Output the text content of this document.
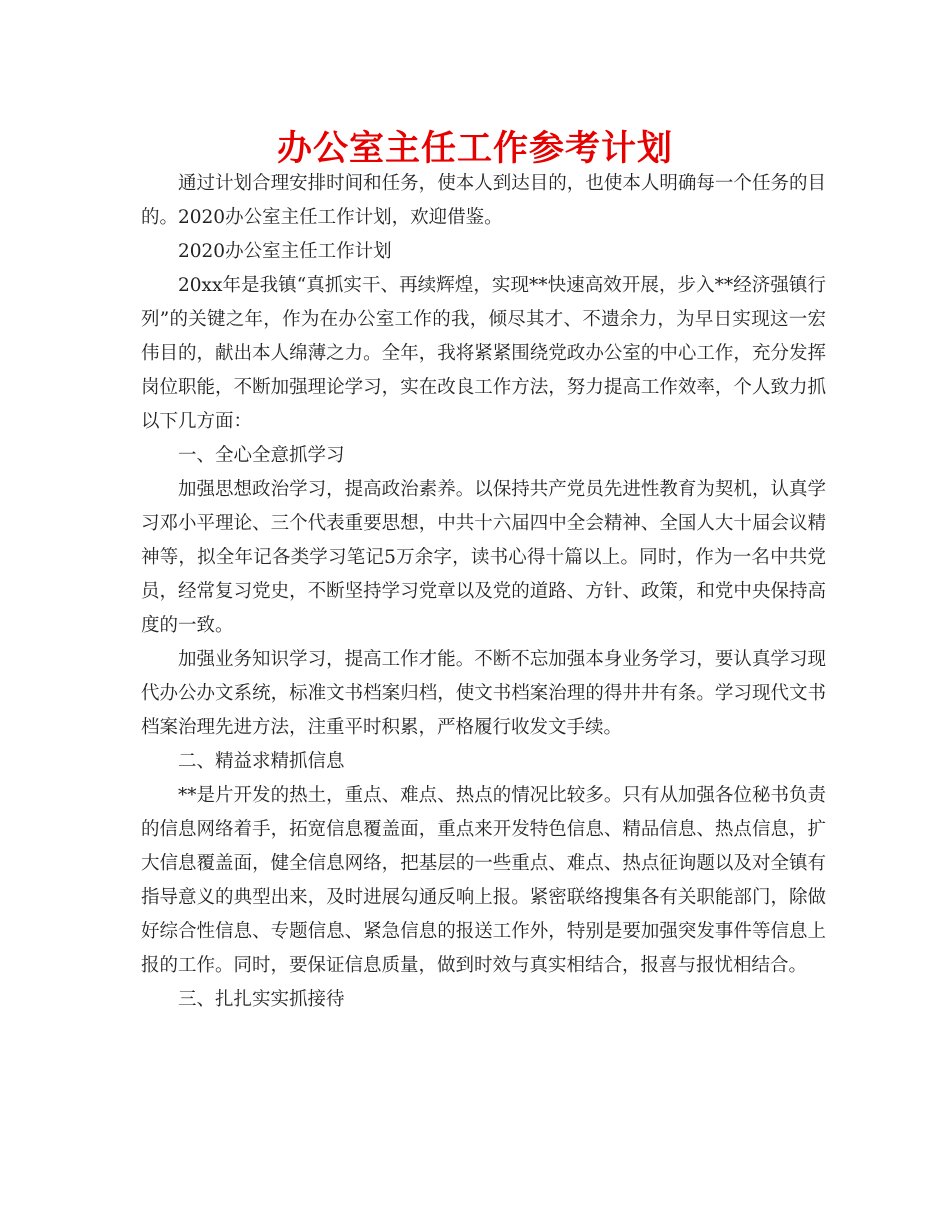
办公室主任工作参考计划

通过计划合理安排时间和任务，使本人到达目的，也使本人明确每一个任务的目的。2020办公室主任工作计划，欢迎借鉴。

2020办公室主任工作计划

20xx年是我镇“真抓实干、再续辉煌，实现**快速高效开展，步入**经济强镇行列”的关键之年，作为在办公室工作的我，倾尽其才、不遗余力，为早日实现这一宏伟目的，献出本人绵薄之力。全年，我将紧紧围绕党政办公室的中心工作，充分发挥岗位职能，不断加强理论学习，实在改良工作方法，努力提高工作效率，个人致力抓以下几方面：

一、全心全意抓学习

加强思想政治学习，提高政治素养。以保持共产党员先进性教育为契机，认真学习邓小平理论、三个代表重要思想，中共十六届四中全会精神、全国人大十届会议精神等，拟全年记各类学习笔记5万余字，读书心得十篇以上。同时，作为一名中共党员，经常复习党史，不断坚持学习党章以及党的道路、方针、政策，和党中央保持高度的一致。

加强业务知识学习，提高工作才能。不断不忘加强本身业务学习，要认真学习现代办公办文系统，标准文书档案归档，使文书档案治理的得井井有条。学习现代文书档案治理先进方法，注重平时积累，严格履行收发文手续。

二、精益求精抓信息

**是片开发的热土，重点、难点、热点的情况比较多。只有从加强各位秘书负责的信息网络着手，拓宽信息覆盖面，重点来开发特色信息、精品信息、热点信息，扩大信息覆盖面，健全信息网络，把基层的一些重点、难点、热点征询题以及对全镇有指导意义的典型出来，及时进展勾通反响上报。紧密联络搜集各有关职能部门，除做好综合性信息、专题信息、紧急信息的报送工作外，特别是要加强突发事件等信息上报的工作。同时，要保证信息质量，做到时效与真实相结合，报喜与报忧相结合。

三、扎扎实实抓接待
